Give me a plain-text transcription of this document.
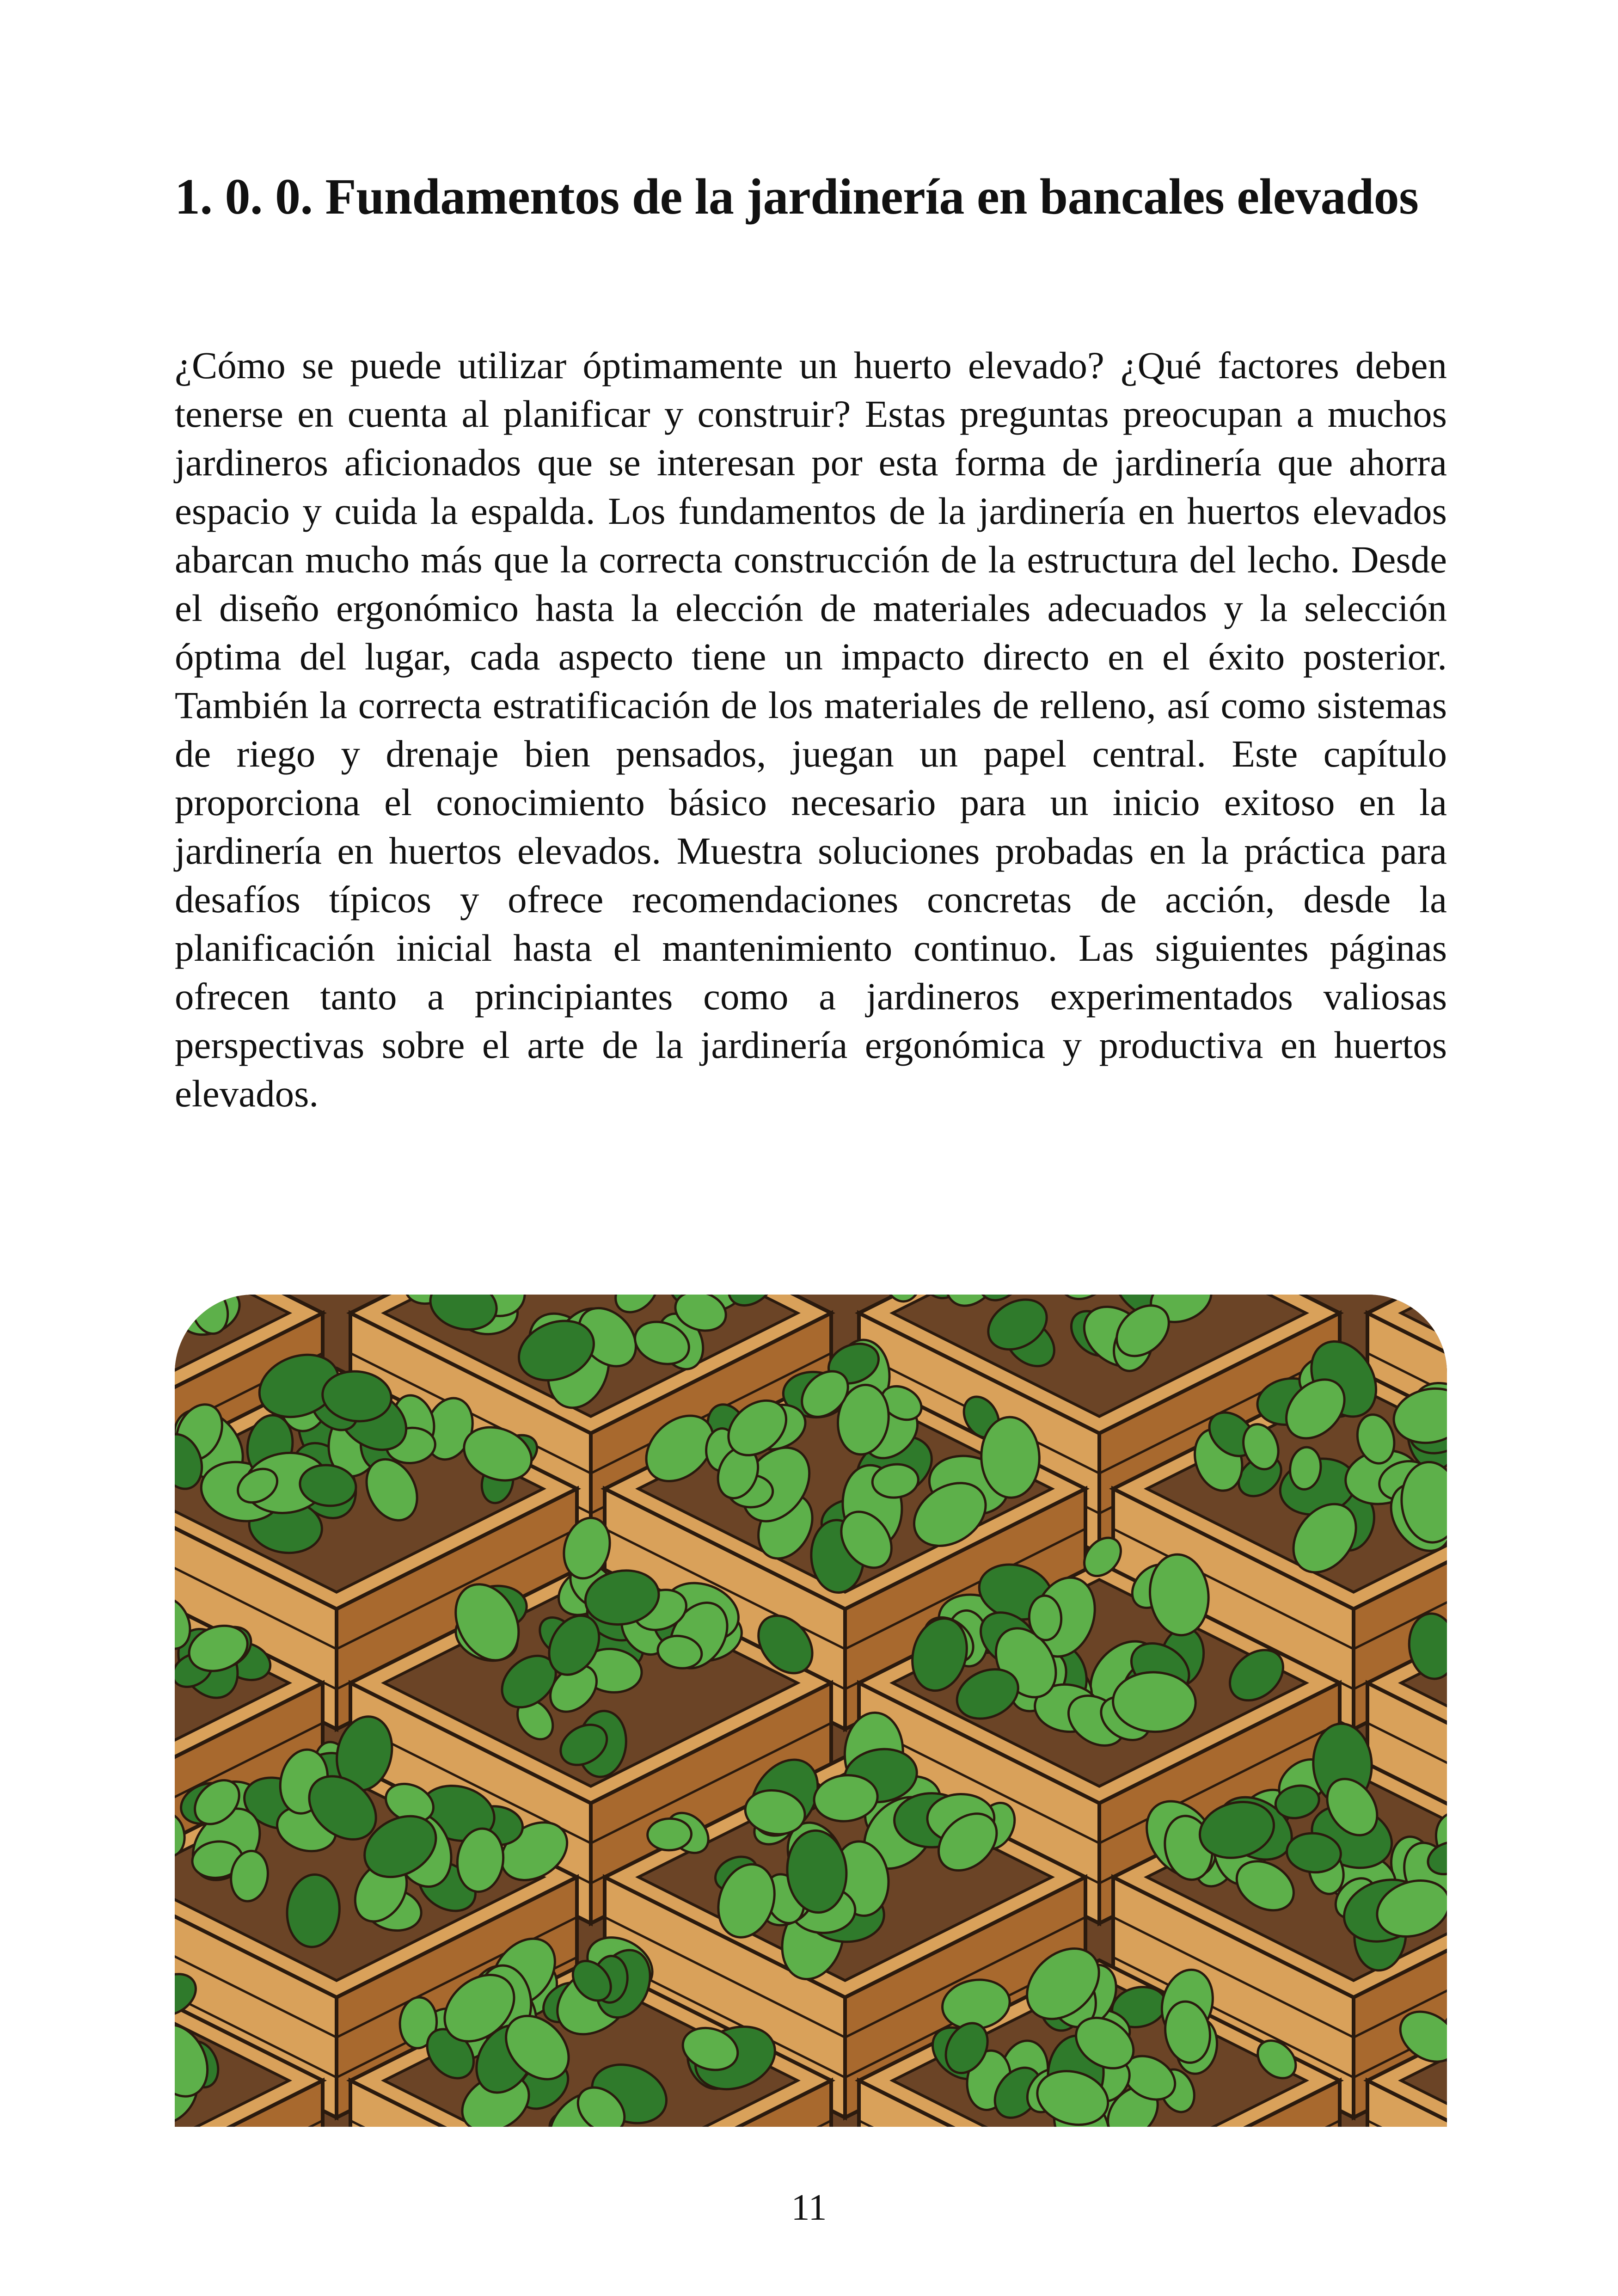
1. 0. 0. Fundamentos de la jardinería en bancales elevados

¿Cómo se puede utilizar óptimamente un huerto elevado? ¿Qué factores deben tenerse en cuenta al planificar y construir? Estas preguntas preocupan a muchos jardineros aficionados que se interesan por esta forma de jardinería que ahorra espacio y cuida la espalda. Los fundamentos de la jardinería en huertos elevados abarcan mucho más que la correcta construcción de la estructura del lecho. Desde el diseño ergonómico hasta la elección de materiales adecuados y la selección óptima del lugar, cada aspecto tiene un impacto directo en el éxito posterior. También la correcta estratificación de los materiales de relleno, así como sistemas de riego y drenaje bien pensados, juegan un papel central. Este capítulo proporciona el conocimiento básico necesario para un inicio exitoso en la jardinería en huertos elevados. Muestra soluciones probadas en la práctica para desafíos típicos y ofrece recomendaciones concretas de acción, desde la planificación inicial hasta el mantenimiento continuo. Las siguientes páginas ofrecen tanto a principiantes como a jardineros experimentados valiosas perspectivas sobre el arte de la jardinería ergonómica y productiva en huertos elevados.

11
